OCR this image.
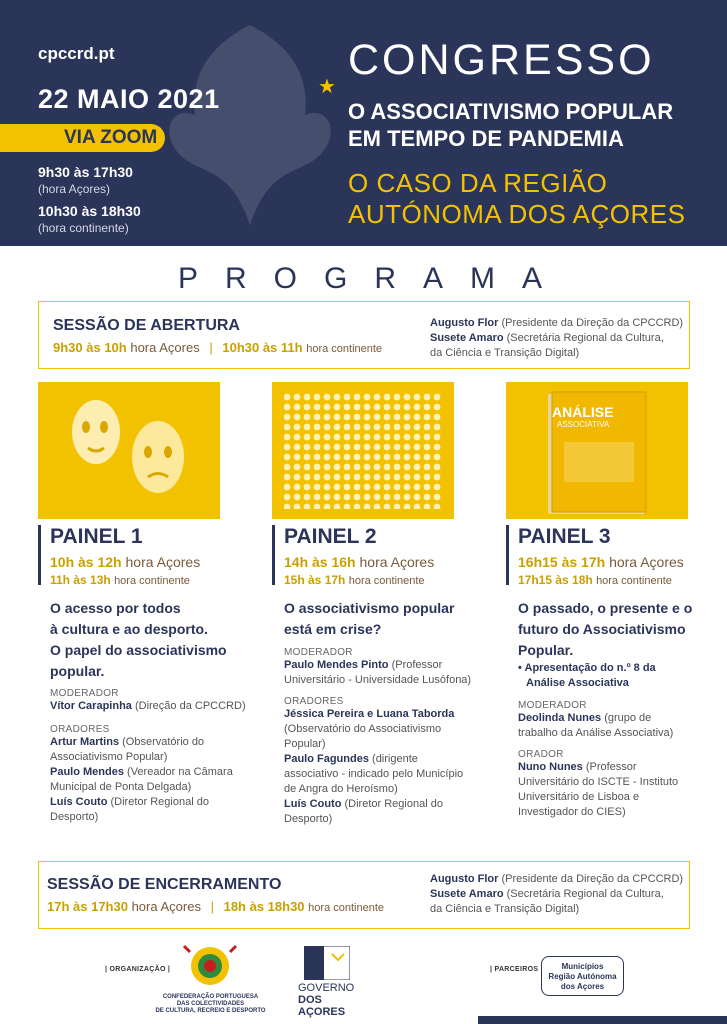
cpccrd.pt
22 MAIO 2021
VIA ZOOM
9h30 às 17h30
(hora Açores)
10h30 às 18h30
(hora continente)
CONGRESSO
★
O ASSOCIATIVISMO POPULAR
EM TEMPO DE PANDEMIA
O CASO DA REGIÃO
AUTÓNOMA DOS AÇORES
PROGRAMA
SESSÃO DE ABERTURA
9h30 às 10h hora Açores | 10h30 às 11h hora continente
Augusto Flor (Presidente da Direção da CPCCRD)
Susete Amaro (Secretária Regional da Cultura,
da Ciência e Transição Digital)
ANÁLISE
ASSOCIATIVA
PAINEL 1
10h às 12h hora Açores
11h às 13h hora continente
O acesso por todos
à cultura e ao desporto.
O papel do associativismo
popular.
MODERADOR
Vítor Carapinha (Direção da CPCCRD)
ORADORES
Artur Martins (Observatório do
Associativismo Popular)
Paulo Mendes (Vereador na Câmara
Municipal de Ponta Delgada)
Luís Couto (Diretor Regional do
Desporto)
PAINEL 2
14h às 16h hora Açores
15h às 17h hora continente
O associativismo popular
está em crise?
MODERADOR
Paulo Mendes Pinto (Professor
Universitário - Universidade Lusófona)
ORADORES
Jéssica Pereira e Luana Taborda
(Observatório do Associativismo
Popular)
Paulo Fagundes (dirigente
associativo - indicado pelo Município
de Angra do Heroísmo)
Luís Couto (Diretor Regional do
Desporto)
PAINEL 3
16h15 às 17h hora Açores
17h15 às 18h hora continente
O passado, o presente e o
futuro do Associativismo
Popular.
• Apresentação do n.º 8 da
Análise Associativa
MODERADOR
Deolinda Nunes (grupo de
trabalho da Análise Associativa)
ORADOR
Nuno Nunes (Professor
Universitário do ISCTE - Instituto
Universitário de Lisboa e
Investigador do CIES)
SESSÃO DE ENCERRAMENTO
17h às 17h30 hora Açores | 18h às 18h30 hora continente
Augusto Flor (Presidente da Direção da CPCCRD)
Susete Amaro (Secretária Regional da Cultura,
da Ciência e Transição Digital)
| ORGANIZAÇÃO |
CONFEDERAÇÃO PORTUGUESA
DAS COLECTIVIDADES
DE CULTURA, RECREIO E DESPORTO
GOVERNO
DOS AÇORES
| PARCEIROS |	Municípios
Região Autónoma
dos Açores
